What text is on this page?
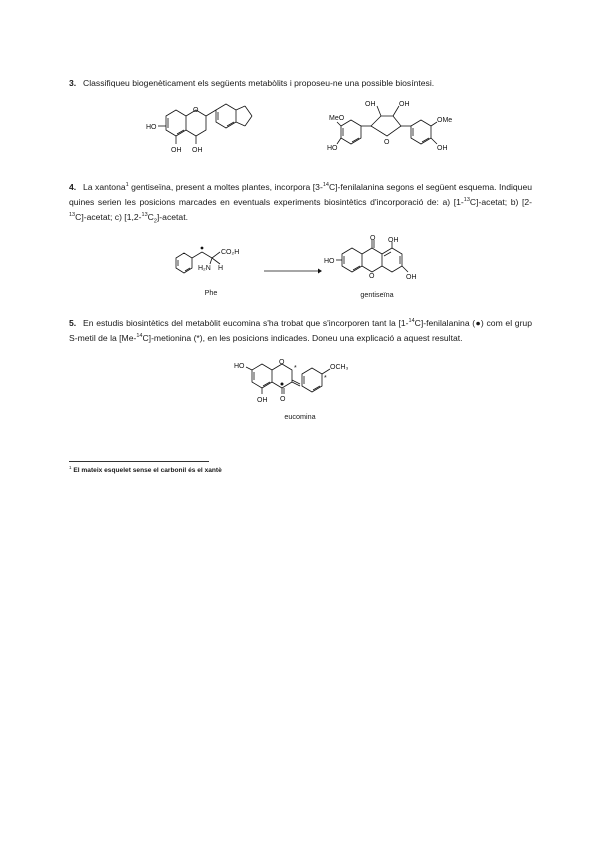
3. Classifiqueu biogenèticament els següents metabòlits i proposeu-ne una possible biosíntesi.
HO
OH OH
O
MeO
HO
OH	OH
OMe
OH
O
4. La xantona$^1$ gentiseïna, present a moltes plantes, incorpora [3-$^{14}$C]-fenilalanina segons el següent esquema. Indiqueu quines serien les posicions marcades en eventuals experiments biosintètics d'incorporació de: a) [1-$^{13}$C]-acetat; b) [2-$^{13}$C]-acetat; c) $[1,2-^{13}C_2]$-acetat.
CO₂H
H₂N H
Phe
O
O
OH
OH
HO
gentiseïna
5. En estudis biosintètics del metabòlit eucomina s'ha trobat que s'incorporen tant la [1-$^{14}$C]-fenilalanina (●) com el grup S-metil de la [Me-$^{14}$C]-metionina (*), en les posicions indicades. Doneu una explicació a aquest resultat.
HO
OH
O
O
OCH₃
*
*
eucomina
$^1$ El mateix esquelet sense el carbonil és el xantè
